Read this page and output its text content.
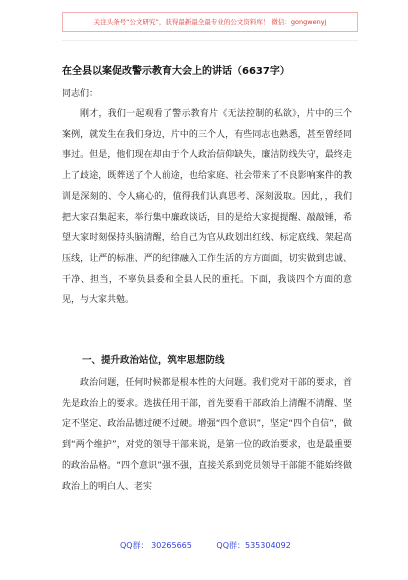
关注头条号“公文研究”，获得最新最全最专业的公文资料库！ 微信：gongwenyj
在全县以案促改警示教育大会上的讲话（6637字）
同志们：

刚才，我们一起观看了警示教育片《无法控制的私欲》，片中的三个案例，就发生在我们身边，片中的三个人，有些同志也熟悉，甚至曾经同事过。但是，他们现在却由于个人政治信仰缺失，廉洁防线失守，最终走上了歧途，既葬送了个人前途，也给家庭、社会带来了不良影响案件的教训是深刻的、令人痛心的，值得我们认真思考、深刻汲取。因此，，我们把大家召集起来，举行集中廉政谈话，目的是给大家提提醒、敲敲锤，希望大家时刻保持头脑清醒，给自己为官从政划出红线、标定底线、架起高压线，让严的标准、严的纪律融入工作生活的方方面面，切实做到忠诚、干净、担当，不辜负县委和全县人民的重托。下面，我谈四个方面的意见，与大家共勉。

一、提升政治站位，筑牢思想防线

政治问题，任何时候都是根本性的大问题。我们党对干部的要求，首先是政治上的要求。选拔任用干部，首先要看干部政治上清醒不清醒、坚定不坚定、政治品德过硬不过硬。增强“四个意识”，坚定“四个自信”，做到“两个维护”，对党的领导干部来说，是第一位的政治要求，也是最重要的政治品格。“四个意识”强不强，直接关系到党员领导干部能不能始终做政治上的明白人、老实

QQ群： 30265665	QQ群：535304092
